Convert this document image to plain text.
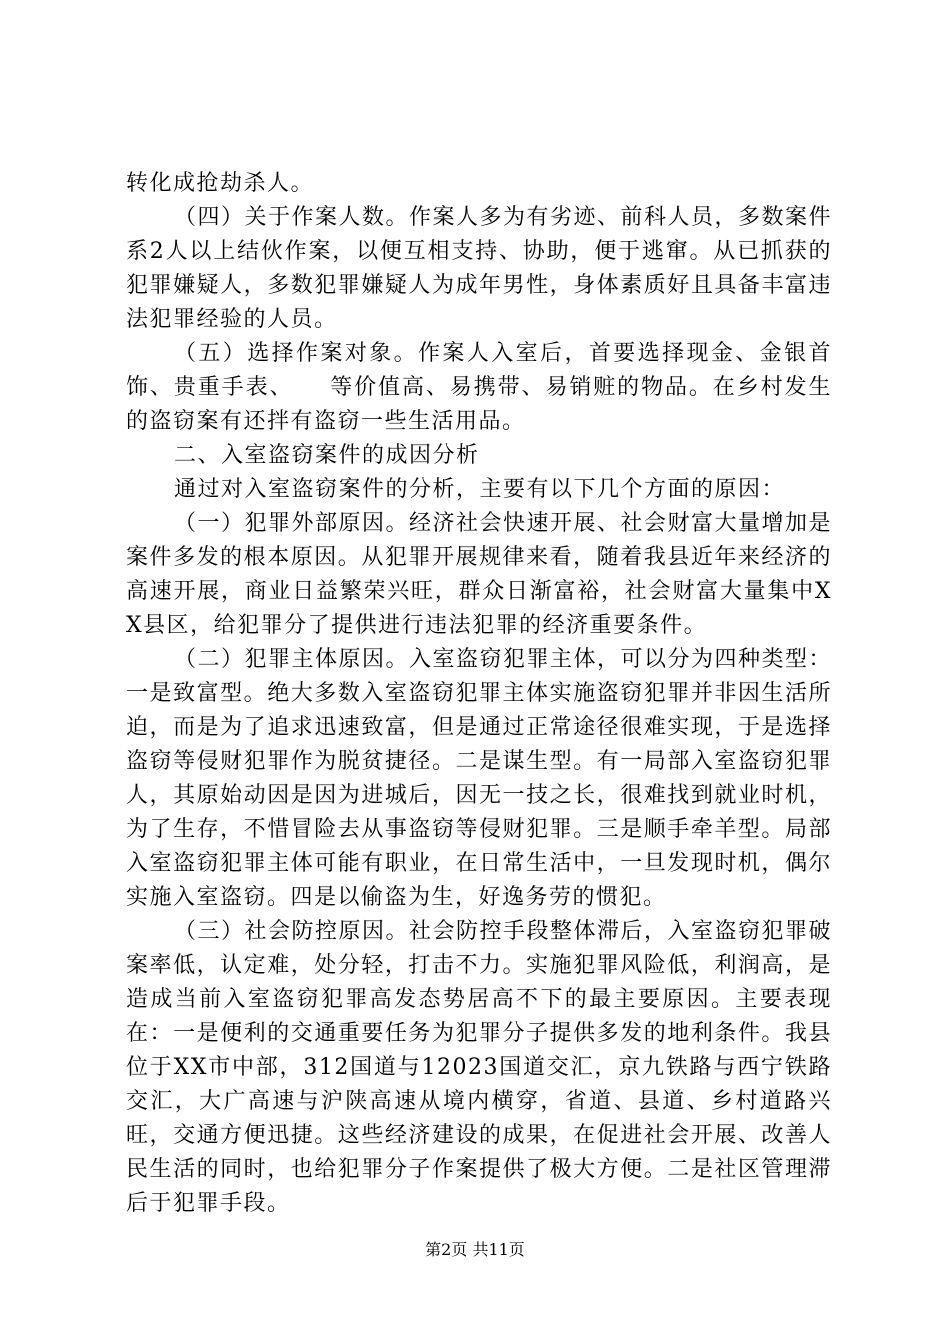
转化成抢劫杀人。

（四）关于作案人数。作案人多为有劣迹、前科人员，多数案件系2人以上结伙作案，以便互相支持、协助，便于逃窜。从已抓获的犯罪嫌疑人，多数犯罪嫌疑人为成年男性，身体素质好且具备丰富违法犯罪经验的人员。

（五）选择作案对象。作案人入室后，首要选择现金、金银首饰、贵重手表、　　等价值高、易携带、易销赃的物品。在乡村发生的盗窃案有还拌有盗窃一些生活用品。

二、入室盗窃案件的成因分析

通过对入室盗窃案件的分析，主要有以下几个方面的原因：

（一）犯罪外部原因。经济社会快速开展、社会财富大量增加是案件多发的根本原因。从犯罪开展规律来看，随着我县近年来经济的高速开展，商业日益繁荣兴旺，群众日渐富裕，社会财富大量集中XX县区，给犯罪分了提供进行违法犯罪的经济重要条件。

（二）犯罪主体原因。入室盗窃犯罪主体，可以分为四种类型：一是致富型。绝大多数入室盗窃犯罪主体实施盗窃犯罪并非因生活所迫，而是为了追求迅速致富，但是通过正常途径很难实现，于是选择盗窃等侵财犯罪作为脱贫捷径。二是谋生型。有一局部入室盗窃犯罪人，其原始动因是因为进城后，因无一技之长，很难找到就业时机，为了生存，不惜冒险去从事盗窃等侵财犯罪。三是顺手牵羊型。局部入室盗窃犯罪主体可能有职业，在日常生活中，一旦发现时机，偶尔实施入室盗窃。四是以偷盗为生，好逸务劳的惯犯。

（三）社会防控原因。社会防控手段整体滞后，入室盗窃犯罪破案率低，认定难，处分轻，打击不力。实施犯罪风险低，利润高，是造成当前入室盗窃犯罪高发态势居高不下的最主要原因。主要表现在：一是便利的交通重要任务为犯罪分子提供多发的地利条件。我县位于XX市中部，312国道与12023国道交汇，京九铁路与西宁铁路交汇，大广高速与沪陕高速从境内横穿，省道、县道、乡村道路兴旺，交通方便迅捷。这些经济建设的成果，在促进社会开展、改善人民生活的同时，也给犯罪分子作案提供了极大方便。二是社区管理滞后于犯罪手段。

第2页 共11页
